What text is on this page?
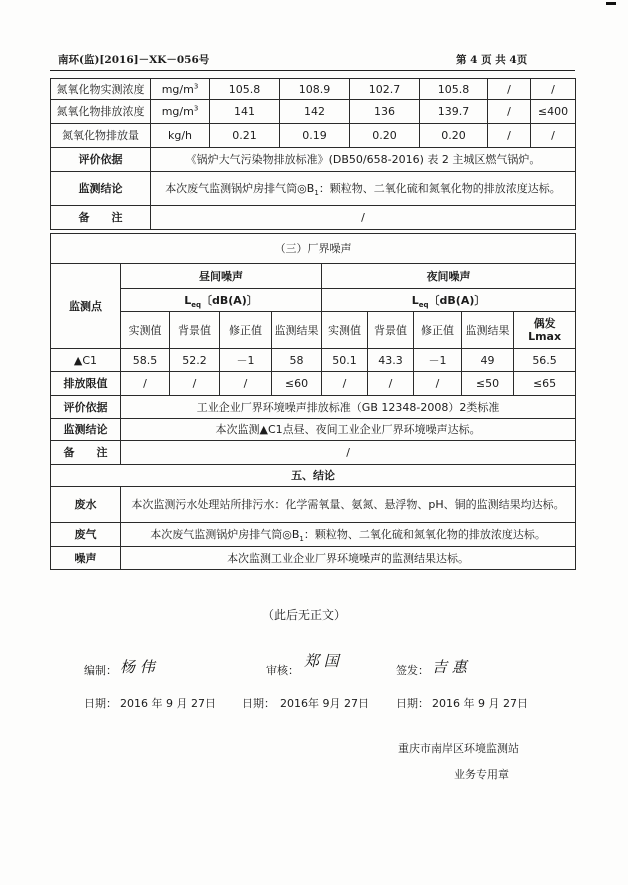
南环(监)[2016]－XK－056号	第 4 页 共 4页
氮氧化物实测浓度	$mg/m^3$	105.8	108.9	102.7	105.8	/	/
氮氧化物排放浓度	$mg/m^3$	141	142	136	139.7	/	≤400
氮氧化物排放量	kg/h	0.21	0.19	0.20	0.20	/	/
评价依据	《锅炉大气污染物排放标准》(DB50/658-2016) 表 2 主城区燃气锅炉。						
监测结论	本次废气监测锅炉房排气筒$◎B_1$：颗粒物、二氧化硫和氮氧化物的排放浓度达标。						
备　　注	/						
（三）厂界噪声									
监测点	昼间噪声				夜间噪声				
	$L_{eq}$〔dB(A)〕				$L_{eq}$〔dB(A)〕				
	实测值	背景值	修正值	监测结果	实测值	背景值	修正值	监测结果	偶发 Lmax
▲C1	58.5	52.2	－1	58	50.1	43.3	－1	49	56.5
排放限值	/	/	/	≤60	/	/	/	≤50	≤65
评价依据	工业企业厂界环境噪声排放标准（GB 12348-2008）2类标准								
监测结论	本次监测▲C1点昼、夜间工业企业厂界环境噪声达标。								
备　　注	/								
五、结论									
废水	本次监测污水处理站所排污水：化学需氧量、氨氮、悬浮物、pH、铜的监测结果均达标。								
废气	本次废气监测锅炉房排气筒$◎B_1$：颗粒物、二氧化硫和氮氧化物的排放浓度达标。								
噪声	本次监测工业企业厂界环境噪声的监测结果达标。								
（此后无正文）
编制： 杨 伟	审核：
郑 国
签发： 吉 惠
日期： 2016 年 9 月 27日 日期： 2016年 9月 27日 日期： 2016 年 9 月 27日
重庆市南岸区环境监测站
业务专用章
